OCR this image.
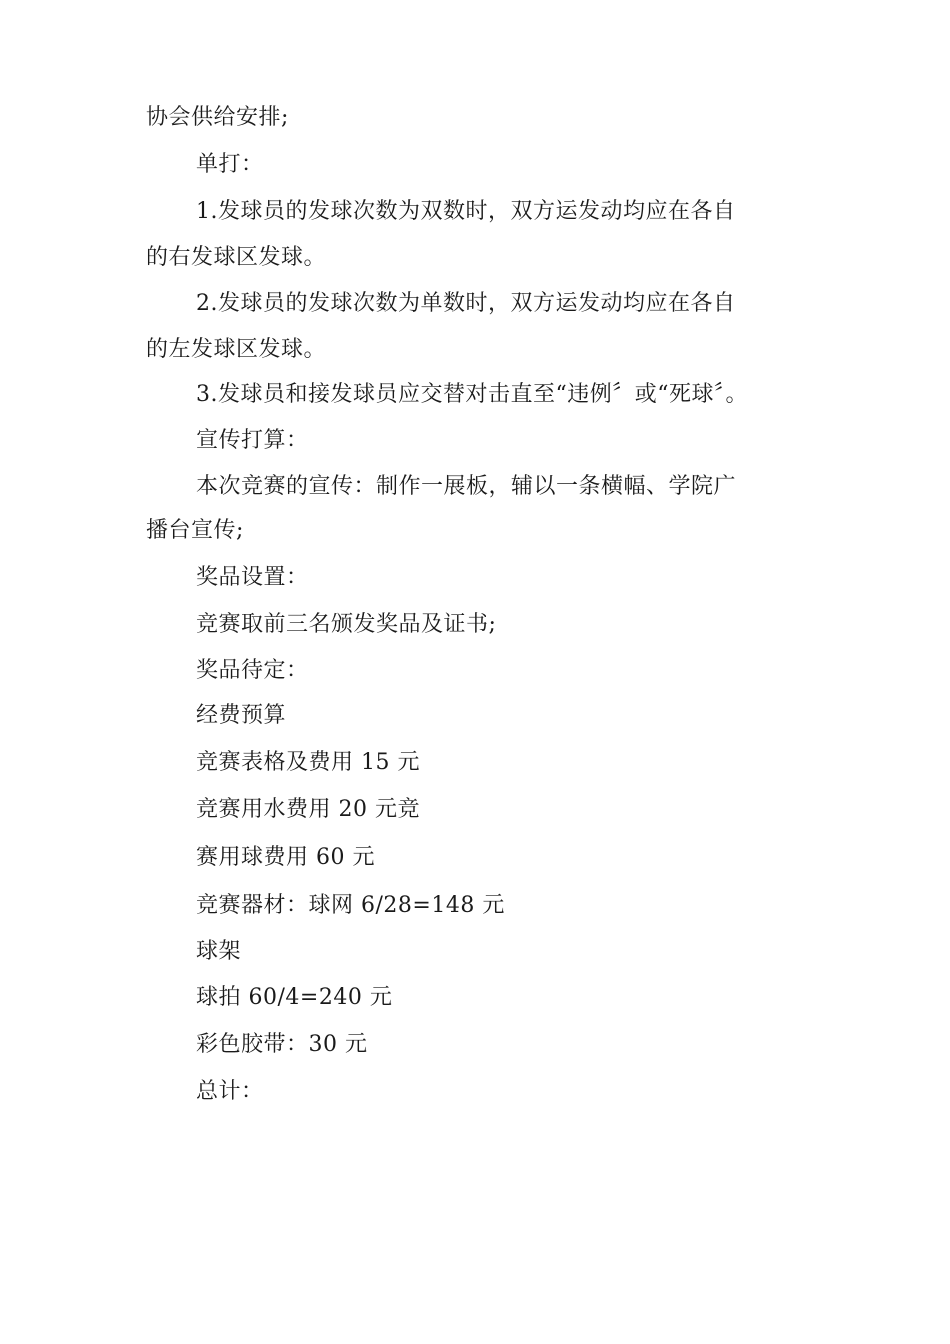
协会供给安排;
单打：
1.发球员的发球次数为双数时，双方运发动均应在各自
的右发球区发球。
2.发球员的发球次数为单数时，双方运发动均应在各自
的左发球区发球。
3.发球员和接发球员应交替对击直至“违例〞或“死球〞。
宣传打算：
本次竞赛的宣传：制作一展板，辅以一条横幅、学院广
播台宣传;
奖品设置：
竞赛取前三名颁发奖品及证书;
奖品待定：
经费预算
竞赛表格及费用 15 元
竞赛用水费用 20 元竞
赛用球费用 60 元
竞赛器材：球网 6/28=148 元
球架
球拍 60/4=240 元
彩色胶带：30 元
总计：
